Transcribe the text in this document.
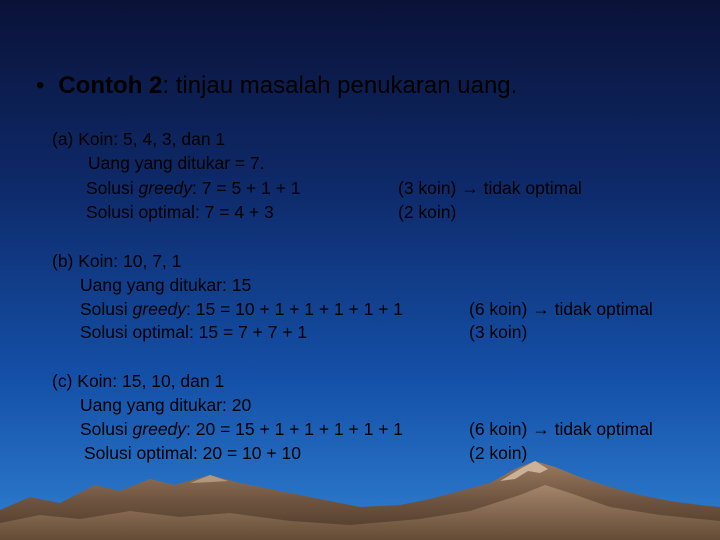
• Contoh 2: tinjau masalah penukaran uang.
(a) Koin: 5, 4, 3, dan 1
Uang yang ditukar = 7.
Solusi greedy: 7 = 5 + 1 + 1	(3 koin) → tidak optimal
Solusi optimal: 7 = 4 + 3	(2 koin)
(b) Koin: 10, 7, 1
Uang yang ditukar: 15
Solusi greedy: 15 = 10 + 1 + 1 + 1 + 1 + 1	(6 koin) → tidak optimal
Solusi optimal: 15 = 7 + 7 + 1	(3 koin)
(c) Koin: 15, 10, dan 1
Uang yang ditukar: 20
Solusi greedy: 20 = 15 + 1 + 1 + 1 + 1 + 1	(6 koin) → tidak optimal
Solusi optimal: 20 = 10 + 10	(2 koin)
